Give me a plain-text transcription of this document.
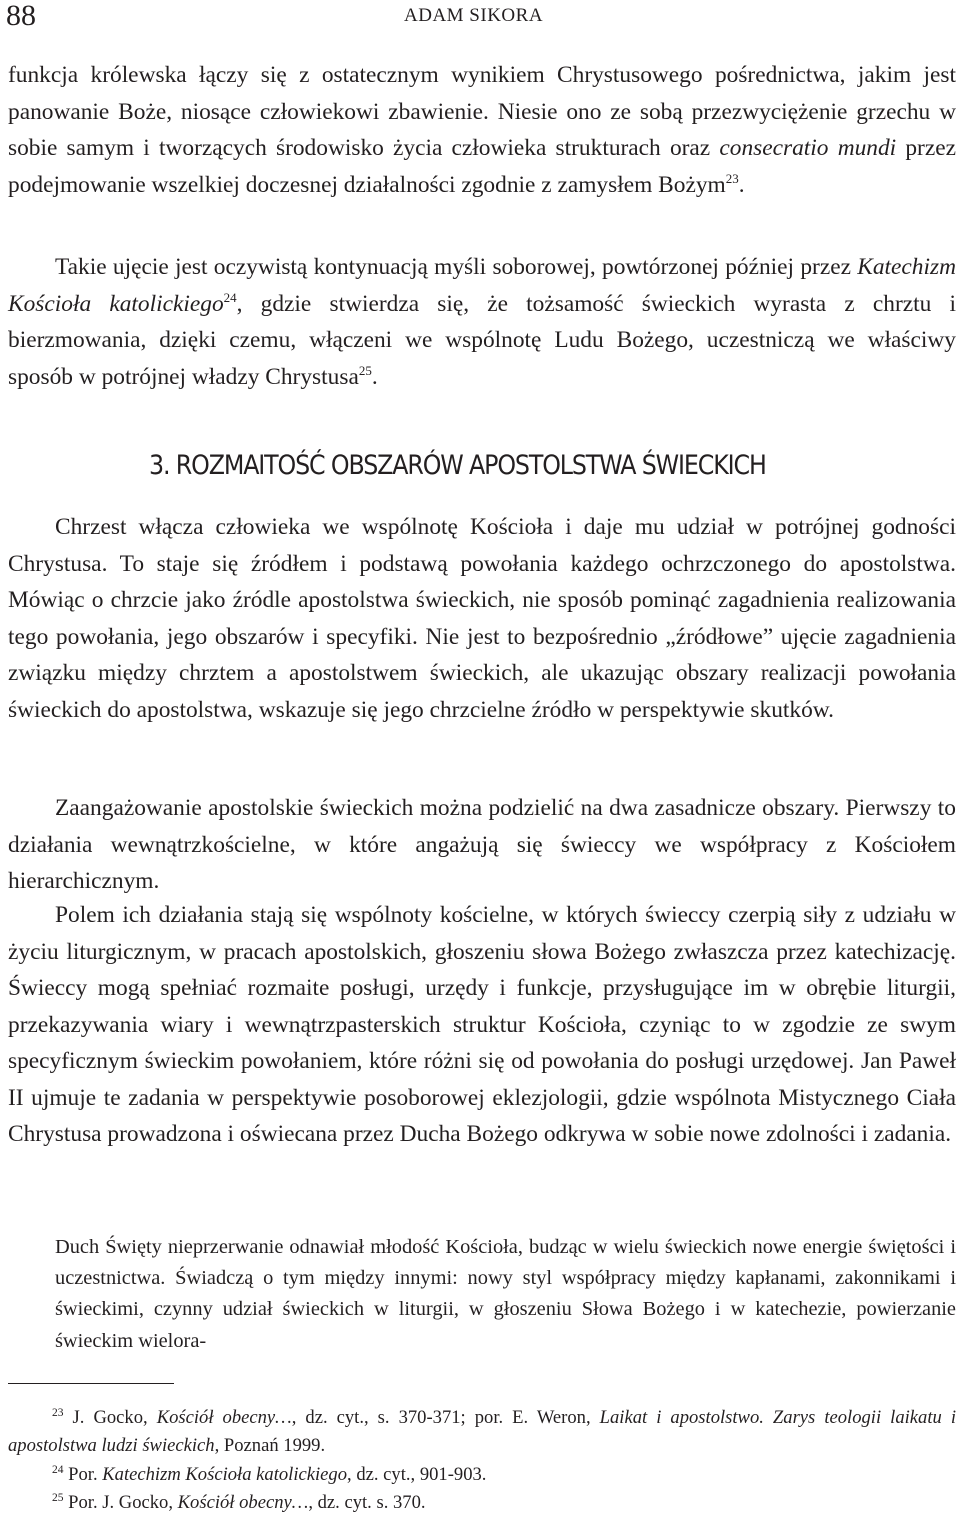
88	ADAM SIKORA
funkcja królewska łączy się z ostatecznym wynikiem Chrystusowego pośrednictwa, jakim jest panowanie Boże, niosące człowiekowi zbawienie. Niesie ono ze sobą przezwyciężenie grzechu w sobie samym i tworzących środowisko życia człowieka strukturach oraz consecratio mundi przez podejmowanie wszelkiej doczesnej działalności zgodnie z zamysłem Bożym$^{23}$.
Takie ujęcie jest oczywistą kontynuacją myśli soborowej, powtórzonej później przez Katechizm Kościoła katolickiego$^{24}$, gdzie stwierdza się, że tożsamość świeckich wyrasta z chrztu i bierzmowania, dzięki czemu, włączeni we wspólnotę Ludu Bożego, uczestniczą we właściwy sposób w potrójnej władzy Chrystusa$^{25}$.
3. ROZMAITOŚĆ OBSZARÓW APOSTOLSTWA ŚWIECKICH
Chrzest włącza człowieka we wspólnotę Kościoła i daje mu udział w potrójnej godności Chrystusa. To staje się źródłem i podstawą powołania każdego ochrzczonego do apostolstwa. Mówiąc o chrzcie jako źródle apostolstwa świeckich, nie sposób pominąć zagadnienia realizowania tego powołania, jego obszarów i specyfiki. Nie jest to bezpośrednio „źródłowe” ujęcie zagadnienia związku między chrztem a apostolstwem świeckich, ale ukazując obszary realizacji powołania świeckich do apostolstwa, wskazuje się jego chrzcielne źródło w perspektywie skutków.
Zaangażowanie apostolskie świeckich można podzielić na dwa zasadnicze obszary. Pierwszy to działania wewnątrzkościelne, w które angażują się świeccy we współpracy z Kościołem hierarchicznym.
Polem ich działania stają się wspólnoty kościelne, w których świeccy czerpią siły z udziału w życiu liturgicznym, w pracach apostolskich, głoszeniu słowa Bożego zwłaszcza przez katechizację. Świeccy mogą spełniać rozmaite posługi, urzędy i funkcje, przysługujące im w obrębie liturgii, przekazywania wiary i wewnątrzpasterskich struktur Kościoła, czyniąc to w zgodzie ze swym specyficznym świeckim powołaniem, które różni się od powołania do posługi urzędowej. Jan Paweł II ujmuje te zadania w perspektywie posoborowej eklezjologii, gdzie wspólnota Mistycznego Ciała Chrystusa prowadzona i oświecana przez Ducha Bożego odkrywa w sobie nowe zdolności i zadania.
Duch Święty nieprzerwanie odnawiał młodość Kościoła, budząc w wielu świeckich nowe energie świętości i uczestnictwa. Świadczą o tym między innymi: nowy styl współpracy między kapłanami, zakonnikami i świeckimi, czynny udział świeckich w liturgii, w głoszeniu Słowa Bożego i w katechezie, powierzanie świeckim wielora-
$^{23}$ J. Gocko, Kościół obecny…, dz. cyt., s. 370-371; por. E. Weron, Laikat i apostolstwo. Zarys teologii laikatu i apostolstwa ludzi świeckich, Poznań 1999.
$^{24}$ Por. Katechizm Kościoła katolickiego, dz. cyt., 901-903.
$^{25}$ Por. J. Gocko, Kościół obecny…, dz. cyt. s. 370.
